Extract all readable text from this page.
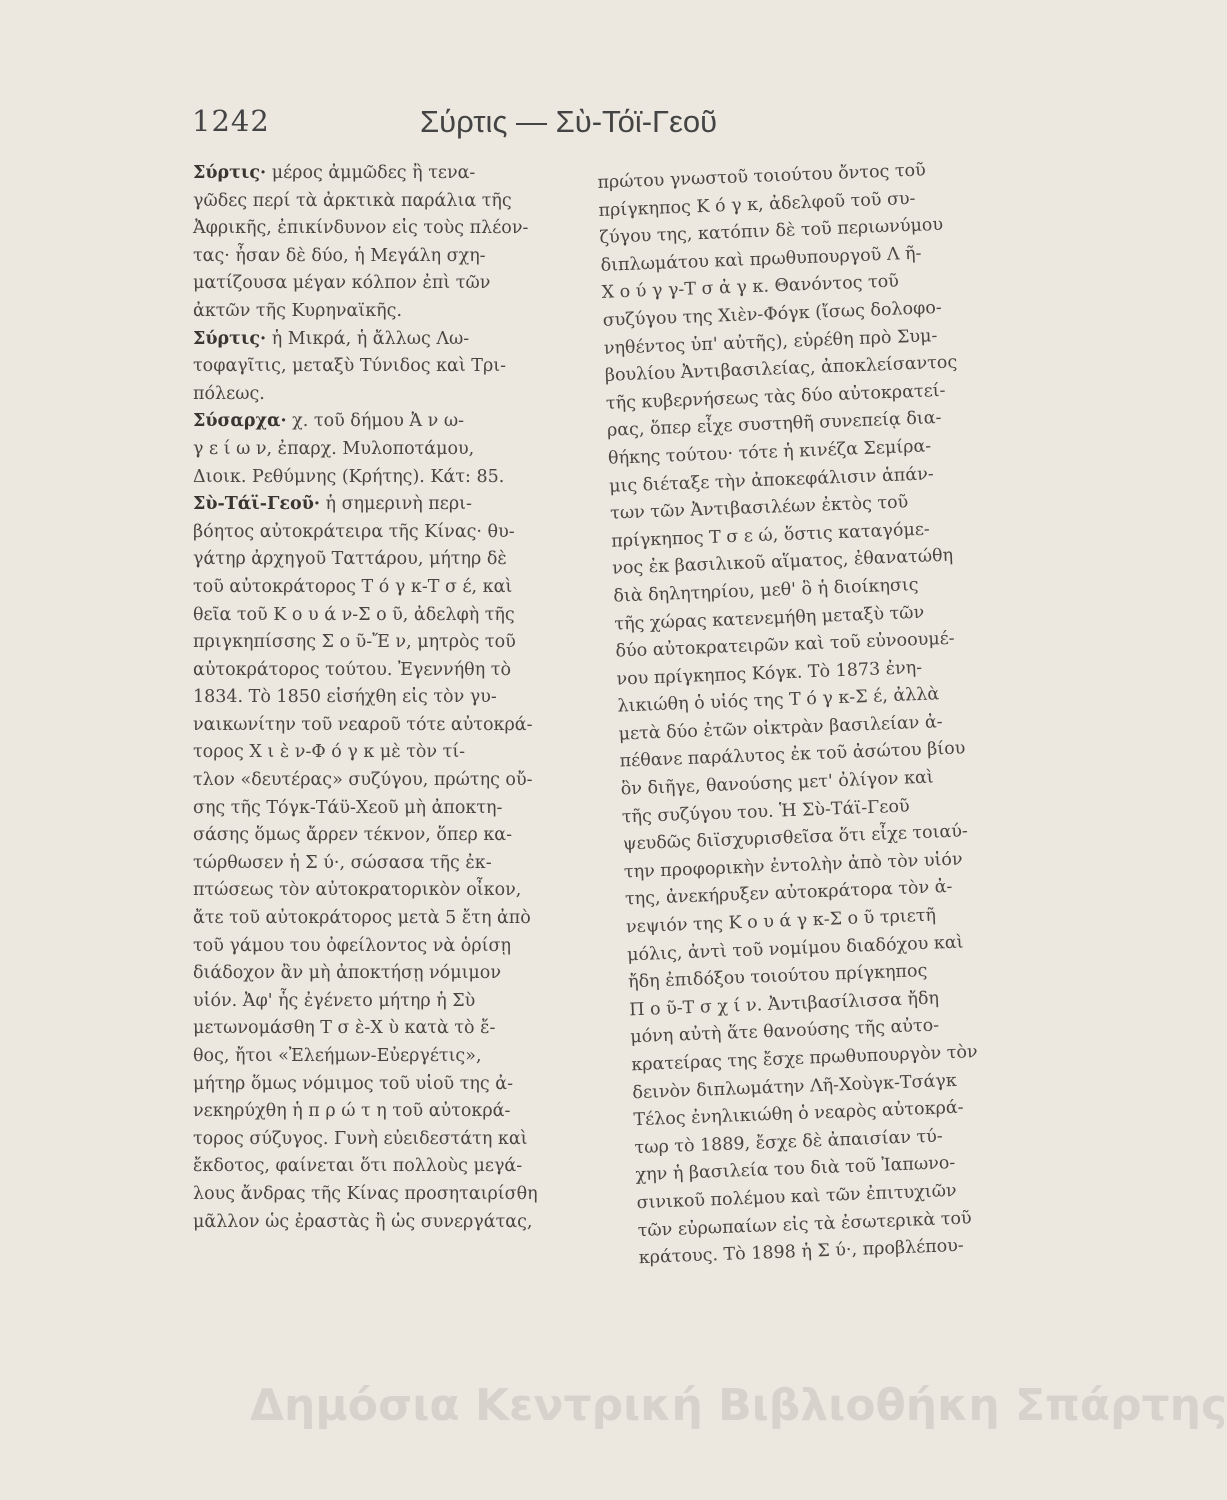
1242	Σύρτις — Σὺ-Τόϊ-Γεοῦ
Σύρτις· μέρος ἀμμῶδες ἢ τενα-
γῶδες περί τὰ ἀρκτικὰ παράλια τῆς
Ἀφρικῆς, ἐπικίνδυνον εἰς τοὺς πλέον-
τας· ἦσαν δὲ δύο, ἡ Μεγάλη σχη-
ματίζουσα μέγαν κόλπον ἐπὶ τῶν
ἀκτῶν τῆς Κυρηναϊκῆς.
Σύρτις· ἡ Μικρά, ἡ ἄλλως Λω-
τοφαγῖτις, μεταξὺ Τύνιδος καὶ Τρι-
πόλεως.
Σύσαρχα· χ. τοῦ δήμου Ἀ ν ω-
γ ε ί ω ν, ἐπαρχ. Μυλοποτάμου,
Διοικ. Ρεθύμνης (Κρήτης). Κάτ: 85.
Σὺ-Τάϊ-Γεοῦ· ἡ σημερινὴ περι-
βόητος αὐτοκράτειρα τῆς Κίνας· θυ-
γάτηρ ἀρχηγοῦ Ταττάρου, μήτηρ δὲ
τοῦ αὐτοκράτορος Τ ό γ κ-Τ σ έ, καὶ
θεῖα τοῦ Κ ο υ ά ν-Σ ο ῦ, ἀδελφὴ τῆς
πριγκηπίσσης Σ ο ῦ-Ἔ ν, μητρὸς τοῦ
αὐτοκράτορος τούτου. Ἐγεννήθη τὸ
1834. Τὸ 1850 εἰσήχθη εἰς τὸν γυ-
ναικωνίτην τοῦ νεαροῦ τότε αὐτοκρά-
τορος Χ ι ὲ ν-Φ ό γ κ μὲ τὸν τί-
τλον «δευτέρας» συζύγου, πρώτης οὔ-
σης τῆς Τόγκ-Τάϋ-Χεοῦ μὴ ἀποκτη-
σάσης ὅμως ἄρρεν τέκνον, ὅπερ κα-
τώρθωσεν ἡ Σ ύ·, σώσασα τῆς ἐκ-
πτώσεως τὸν αὐτοκρατορικὸν οἶκον,
ἄτε τοῦ αὐτοκράτορος μετὰ 5 ἔτη ἀπὸ
τοῦ γάμου του ὀφείλοντος νὰ ὁρίσῃ
διάδοχον ἂν μὴ ἀποκτήσῃ νόμιμον
υἱόν. Ἀφ' ἧς ἐγένετο μήτηρ ἡ Σὺ
μετωνομάσθη Τ σ ὲ-Χ ὺ κατὰ τὸ ἔ-
θος, ἤτοι «Ἐλεήμων-Εὐεργέτις»,
μήτηρ ὅμως νόμιμος τοῦ υἱοῦ της ἀ-
νεκηρύχθη ἡ π ρ ώ τ η τοῦ αὐτοκρά-
τορος σύζυγος. Γυνὴ εὐειδεστάτη καὶ
ἔκδοτος, φαίνεται ὅτι πολλοὺς μεγά-
λους ἄνδρας τῆς Κίνας προσηταιρίσθη
μᾶλλον ὡς ἐραστὰς ἢ ὡς συνεργάτας,
πρώτου γνωστοῦ τοιούτου ὄντος τοῦ
πρίγκηπος Κ ό γ κ, ἀδελφοῦ τοῦ συ-
ζύγου της, κατόπιν δὲ τοῦ περιωνύμου
διπλωμάτου καὶ πρωθυπουργοῦ Λ ῆ-
Χ ο ύ γ γ-Τ σ ἀ γ κ. Θανόντος τοῦ
συζύγου της Χιὲν-Φόγκ (ἴσως δολοφο-
νηθέντος ὑπ' αὐτῆς), εὑρέθη πρὸ Συμ-
βουλίου Ἀντιβασιλείας, ἀποκλείσαντος
τῆς κυβερνήσεως τὰς δύο αὐτοκρατεί-
ρας, ὅπερ εἶχε συστηθῆ συνεπείᾳ δια-
θήκης τούτου· τότε ἡ κινέζα Σεμίρα-
μις διέταξε τὴν ἀποκεφάλισιν ἁπάν-
των τῶν Ἀντιβασιλέων ἐκτὸς τοῦ
πρίγκηπος Τ σ ε ώ, ὅστις καταγόμε-
νος ἐκ βασιλικοῦ αἵματος, ἐθανατώθη
διὰ δηλητηρίου, μεθ' ὃ ἡ διοίκησις
τῆς χώρας κατενεμήθη μεταξὺ τῶν
δύο αὐτοκρατειρῶν καὶ τοῦ εὐνοουμέ-
νου πρίγκηπος Κόγκ. Τὸ 1873 ἐνη-
λικιώθη ὁ υἱός της Τ ό γ κ-Σ έ, ἀλλὰ
μετὰ δύο ἐτῶν οἰκτρὰν βασιλείαν ἀ-
πέθανε παράλυτος ἐκ τοῦ ἀσώτου βίου
ὃν διῆγε, θανούσης μετ' ὀλίγον καὶ
τῆς συζύγου του. Ἡ Σὺ-Τάϊ-Γεοῦ
ψευδῶς διϊσχυρισθεῖσα ὅτι εἶχε τοιαύ-
την προφορικὴν ἐντολὴν ἀπὸ τὸν υἱόν
της, ἀνεκήρυξεν αὐτοκράτορα τὸν ἀ-
νεψιόν της Κ ο υ ά γ κ-Σ ο ῦ τριετῆ
μόλις, ἀντὶ τοῦ νομίμου διαδόχου καὶ
ἤδη ἐπιδόξου τοιούτου πρίγκηπος
Π ο ῦ-Τ σ χ ί ν. Ἀντιβασίλισσα ἤδη
μόνη αὐτὴ ἅτε θανούσης τῆς αὐτο-
κρατείρας της ἔσχε πρωθυπουργὸν τὸν
δεινὸν διπλωμάτην Λῆ-Χοὺγκ-Τσάγκ
Τέλος ἐνηλικιώθη ὁ νεαρὸς αὐτοκρά-
τωρ τὸ 1889, ἔσχε δὲ ἀπαισίαν τύ-
χην ἡ βασιλεία του διὰ τοῦ Ἰαπωνο-
σινικοῦ πολέμου καὶ τῶν ἐπιτυχιῶν
τῶν εὐρωπαίων εἰς τὰ ἐσωτερικὰ τοῦ
κράτους. Τὸ 1898 ἡ Σ ύ·, προβλέπου-
Δημόσια Κεντρική Βιβλιοθήκη Σπάρτης
